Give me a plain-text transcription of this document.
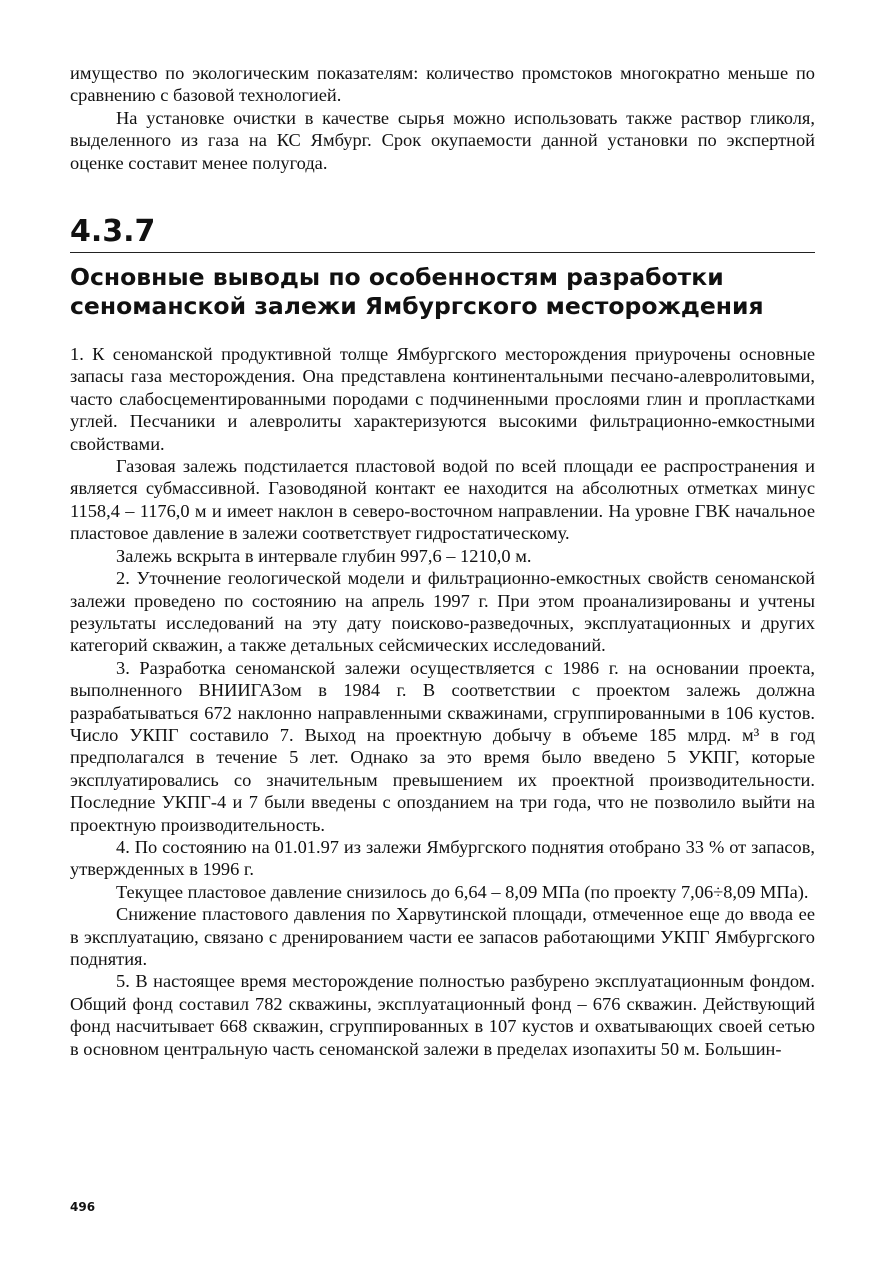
имущество по экологическим показателям: количество промстоков многократно меньше по сравнению с базовой технологией.

На установке очистки в качестве сырья можно использовать также раствор гликоля, выделенного из газа на КС Ямбург. Срок окупаемости данной установки по экспертной оценке составит менее полугода.

4.3.7
Основные выводы по особенностям разработки сеноманской залежи Ямбургского месторождения

1. К сеноманской продуктивной толще Ямбургского месторождения приурочены основные запасы газа месторождения. Она представлена континентальными песчано-алевролитовыми, часто слабосцементированными породами с подчиненными прослоями глин и пропластками углей. Песчаники и алевролиты характеризуются высокими фильтрационно-емкостными свойствами.

Газовая залежь подстилается пластовой водой по всей площади ее распространения и является субмассивной. Газоводяной контакт ее находится на абсолютных отметках минус 1158,4 – 1176,0 м и имеет наклон в северо-восточном направлении. На уровне ГВК начальное пластовое давление в залежи соответствует гидростатическому.

Залежь вскрыта в интервале глубин 997,6 – 1210,0 м.

2. Уточнение геологической модели и фильтрационно-емкостных свойств сеноманской залежи проведено по состоянию на апрель 1997 г. При этом проанализированы и учтены результаты исследований на эту дату поисково-разведочных, эксплуатационных и других категорий скважин, а также детальных сейсмических исследований.

3. Разработка сеноманской залежи осуществляется с 1986 г. на основании проекта, выполненного ВНИИГАЗом в 1984 г. В соответствии с проектом залежь должна разрабатываться 672 наклонно направленными скважинами, сгруппированными в 106 кустов. Число УКПГ составило 7. Выход на проектную добычу в объеме 185 млрд. м³ в год предполагался в течение 5 лет. Однако за это время было введено 5 УКПГ, которые эксплуатировались со значительным превышением их проектной производительности. Последние УКПГ-4 и 7 были введены с опозданием на три года, что не позволило выйти на проектную производительность.

4. По состоянию на 01.01.97 из залежи Ямбургского поднятия отобрано 33 % от запасов, утвержденных в 1996 г.

Текущее пластовое давление снизилось до 6,64 – 8,09 МПа (по проекту 7,06÷8,09 МПа).

Снижение пластового давления по Харвутинской площади, отмеченное еще до ввода ее в эксплуатацию, связано с дренированием части ее запасов работающими УКПГ Ямбургского поднятия.

5. В настоящее время месторождение полностью разбурено эксплуатационным фондом. Общий фонд составил 782 скважины, эксплуатационный фонд – 676 скважин. Действующий фонд насчитывает 668 скважин, сгруппированных в 107 кустов и охватывающих своей сетью в основном центральную часть сеноманской залежи в пределах изопахиты 50 м. Большин-

496
